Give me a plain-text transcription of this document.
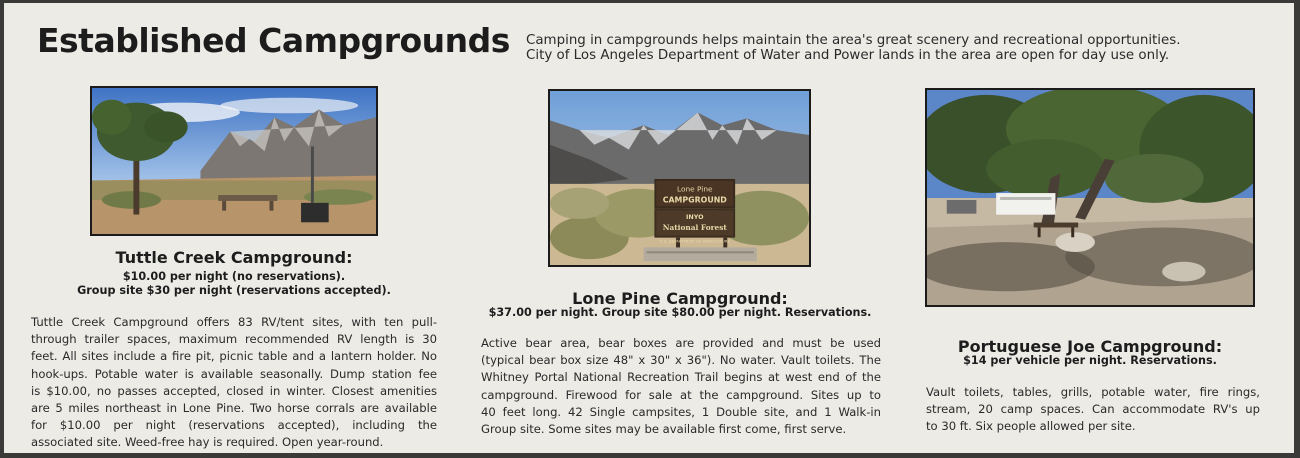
Established Campgrounds Camping in campgrounds helps maintain the area's great scenery and recreational opportunities.
City of Los Angeles Department of Water and Power lands in the area are open for day use only.
Lone Pine
CAMPGROUND
INYO
National Forest
U.S. DEPARTMENT OF AGRICULTURE
Tuttle Creek Campground:
$10.00 per night (no reservations).
Group site $30 per night (reservations accepted).
Tuttle Creek Campground offers 83 RV/tent sites, with ten pull-
through trailer spaces, maximum recommended RV length is 30
feet. All sites include a fire pit, picnic table and a lantern holder. No
hook-ups. Potable water is available seasonally. Dump station fee
is $10.00, no passes accepted, closed in winter. Closest amenities
are 5 miles northeast in Lone Pine. Two horse corrals are available
for $10.00 per night (reservations accepted), including the
associated site. Weed-free hay is required. Open year-round.
Lone Pine Campground:
$37.00 per night. Group site $80.00 per night. Reservations.
Active bear area, bear boxes are provided and must be used
(typical bear box size 48" x 30" x 36"). No water. Vault toilets. The
Whitney Portal National Recreation Trail begins at west end of the
campground. Firewood for sale at the campground. Sites up to
40 feet long. 42 Single campsites, 1 Double site, and 1 Walk-in
Group site. Some sites may be available first come, first serve.
Portuguese Joe Campground:
$14 per vehicle per night. Reservations.
Vault toilets, tables, grills, potable water, fire rings,
stream, 20 camp spaces. Can accommodate RV's up
to 30 ft. Six people allowed per site.
